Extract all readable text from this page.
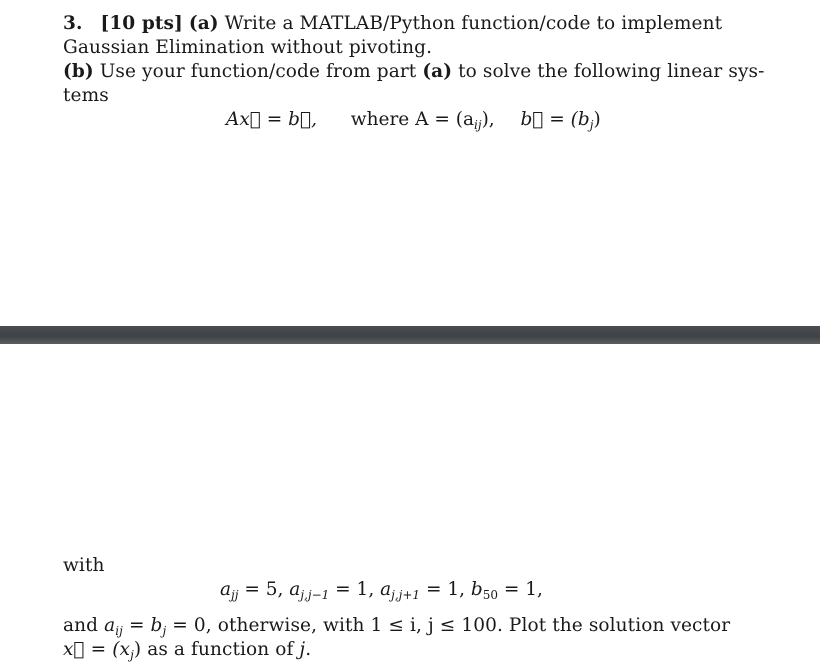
3. [10 pts] (a) Write a MATLAB/Python function/code to implement
Gaussian Elimination without pivoting.
(b) Use your function/code from part (a) to solve the following linear sys-
tems
Ax⃗ = b⃗, where $A = (a_{ij})$, b⃗ = $(b_j)$
with
$a_{jj} = 5$, $a_{j,j-1} = 1$, $a_{j,j+1} = 1$, $b_{50} = 1$,
and $a_{ij} = b_j = 0$, otherwise, with 1 ≤ i, j ≤ 100. Plot the solution vector
x⃗ = $(x_j)$ as a function of j.
